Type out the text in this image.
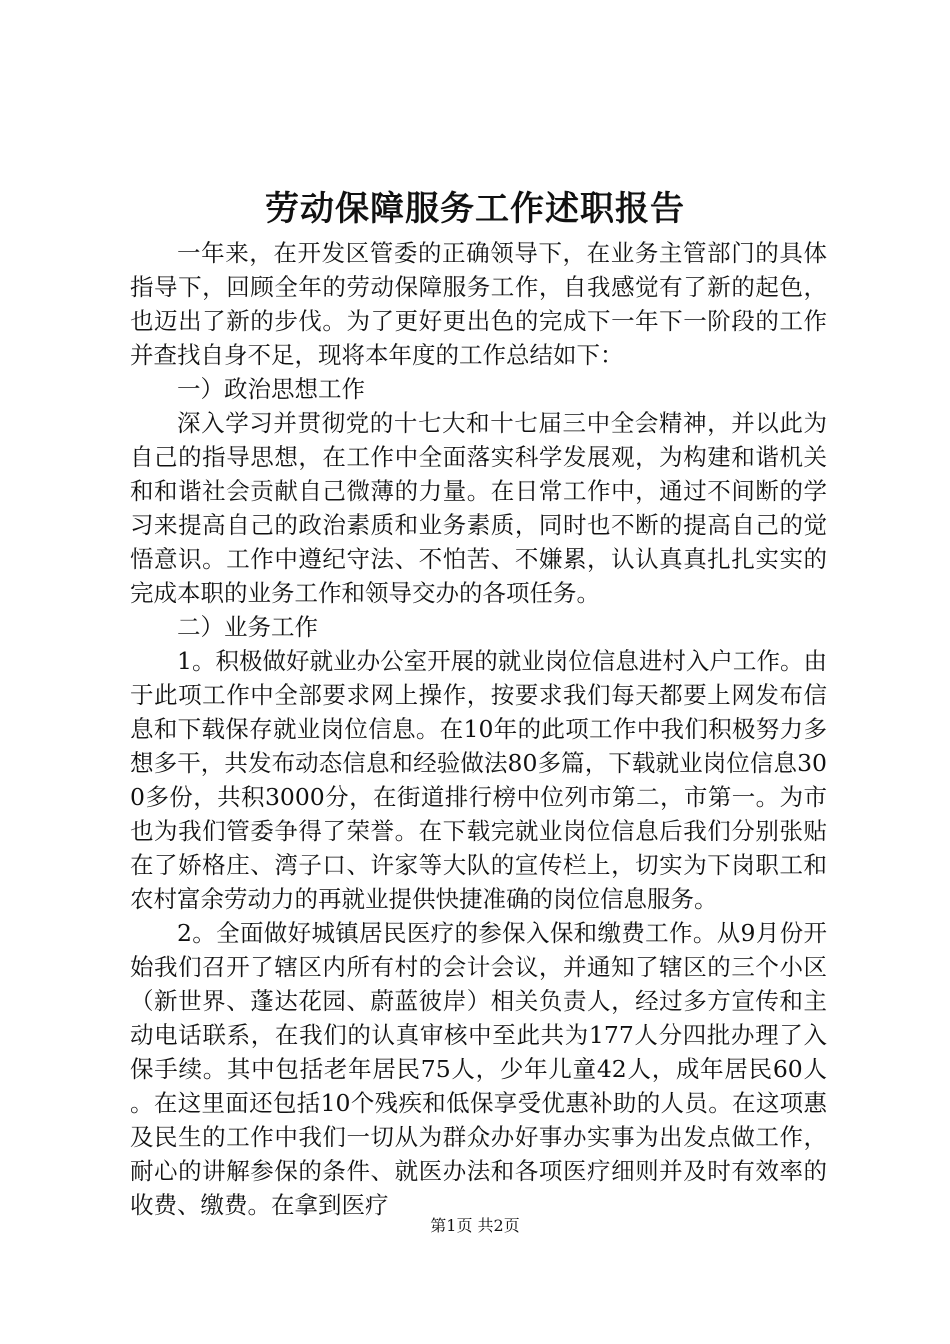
劳动保障服务工作述职报告

一年来，在开发区管委的正确领导下，在业务主管部门的具体指导下，回顾全年的劳动保障服务工作，自我感觉有了新的起色，也迈出了新的步伐。为了更好更出色的完成下一年下一阶段的工作并查找自身不足，现将本年度的工作总结如下：

一）政治思想工作

深入学习并贯彻党的十七大和十七届三中全会精神，并以此为自己的指导思想，在工作中全面落实科学发展观，为构建和谐机关和和谐社会贡献自己微薄的力量。在日常工作中，通过不间断的学习来提高自己的政治素质和业务素质，同时也不断的提高自己的觉悟意识。工作中遵纪守法、不怕苦、不嫌累，认认真真扎扎实实的完成本职的业务工作和领导交办的各项任务。

二）业务工作

1。积极做好就业办公室开展的就业岗位信息进村入户工作。由于此项工作中全部要求网上操作，按要求我们每天都要上网发布信息和下载保存就业岗位信息。在10年的此项工作中我们积极努力多想多干，共发布动态信息和经验做法80多篇，下载就业岗位信息300多份，共积3000分，在街道排行榜中位列市第二，市第一。为市也为我们管委争得了荣誉。在下载完就业岗位信息后我们分别张贴在了娇格庄、湾子口、许家等大队的宣传栏上，切实为下岗职工和农村富余劳动力的再就业提供快捷准确的岗位信息服务。

2。全面做好城镇居民医疗的参保入保和缴费工作。从9月份开始我们召开了辖区内所有村的会计会议，并通知了辖区的三个小区（新世界、蓬达花园、蔚蓝彼岸）相关负责人，经过多方宣传和主动电话联系，在我们的认真审核中至此共为177人分四批办理了入保手续。其中包括老年居民75人，少年儿童42人，成年居民60人。在这里面还包括10个残疾和低保享受优惠补助的人员。在这项惠及民生的工作中我们一切从为群众办好事办实事为出发点做工作，耐心的讲解参保的条件、就医办法和各项医疗细则并及时有效率的收费、缴费。在拿到医疗

第1页 共2页
